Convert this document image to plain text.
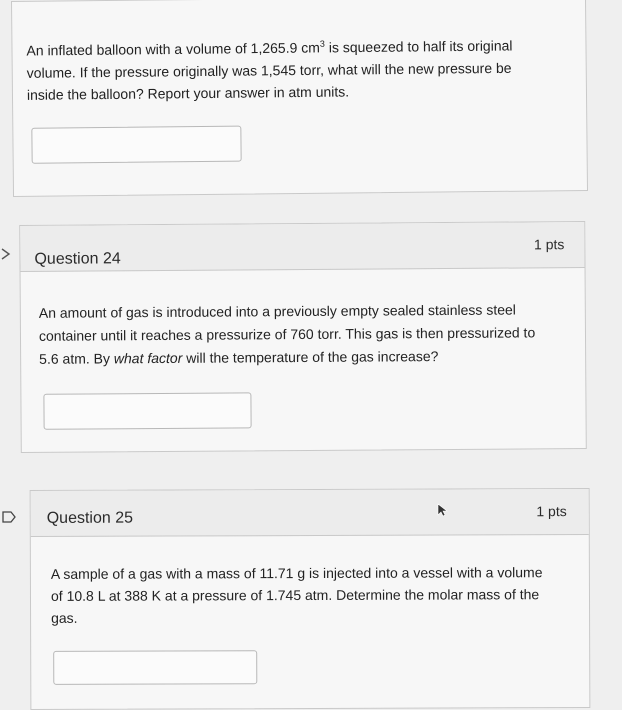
An inflated balloon with a volume of 1,265.9 $cm^3$ is squeezed to half its original
volume. If the pressure originally was 1,545 torr, what will the new pressure be
inside the balloon? Report your answer in atm units.
Question 24
1 pts
An amount of gas is introduced into a previously empty sealed stainless steel
container until it reaches a pressurize of 760 torr. This gas is then pressurized to
5.6 atm. By what factor will the temperature of the gas increase?
Question 25	1 pts
A sample of a gas with a mass of 11.71 g is injected into a vessel with a volume
of 10.8 L at 388 K at a pressure of 1.745 atm. Determine the molar mass of the
gas.
